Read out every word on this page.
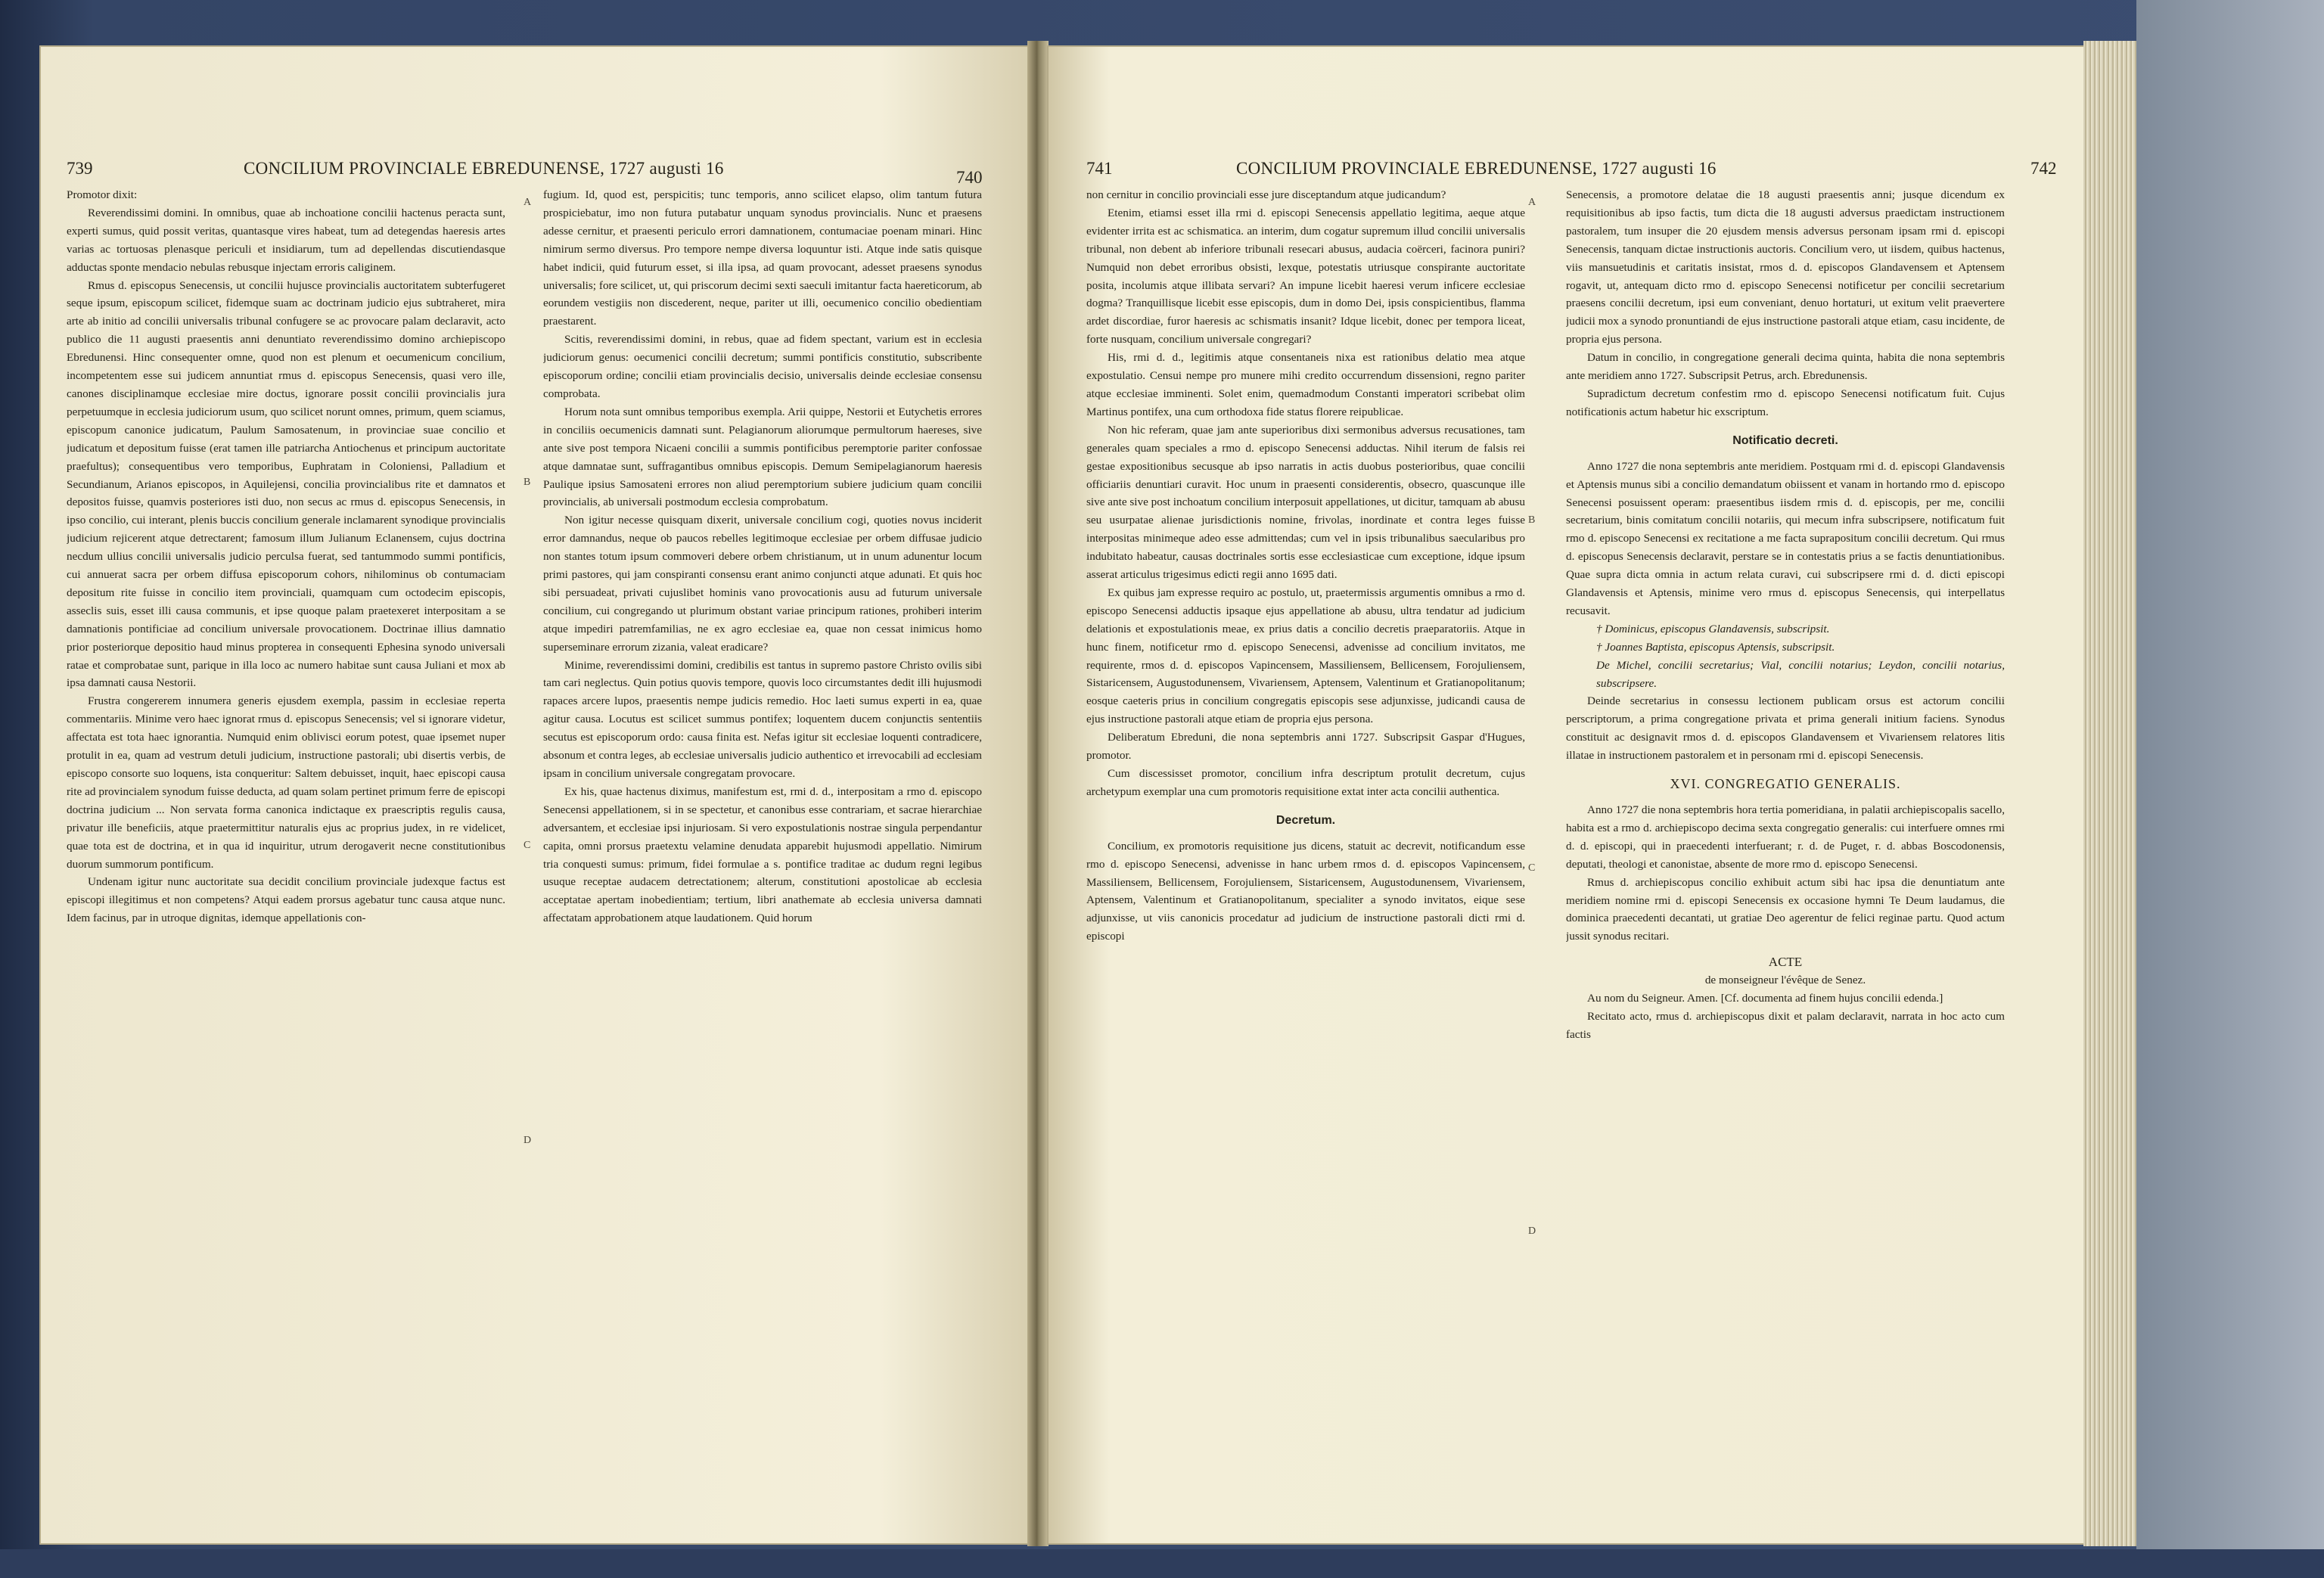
739	CONCILIUM PROVINCIALE EBREDUNENSE, 1727 augusti 16	740

Promotor dixit:

Reverendissimi domini. In omnibus, quae ab inchoatione concilii hactenus peracta sunt, experti sumus, quid possit veritas, quantasque vires habeat, tum ad detegendas haeresis artes varias ac tortuosas plenasque periculi et insidiarum, tum ad depellendas discutiendasque adductas sponte mendacio nebulas rebusque injectam erroris caliginem.

Rmus d. episcopus Senecensis, ut concilii hujusce provincialis auctoritatem subterfugeret seque ipsum, episcopum scilicet, fidemque suam ac doctrinam judicio ejus subtraheret, mira arte ab initio ad concilii universalis tribunal confugere se ac provocare palam declaravit, acto publico die 11 augusti praesentis anni denuntiato reverendissimo domino archiepiscopo Ebredunensi. Hinc consequenter omne, quod non est plenum et oecumenicum concilium, incompetentem esse sui judicem annuntiat rmus d. episcopus Senecensis, quasi vero ille, canones disciplinamque ecclesiae mire doctus, ignorare possit concilii provincialis jura perpetuumque in ecclesia judiciorum usum, quo scilicet norunt omnes, primum, quem sciamus, episcopum canonice judicatum, Paulum Samosatenum, in provinciae suae concilio et judicatum et depositum fuisse (erat tamen ille patriarcha Antiochenus et principum auctoritate praefultus); consequentibus vero temporibus, Euphratam in Coloniensi, Palladium et Secundianum, Arianos episcopos, in Aquilejensi, concilia provincialibus rite et damnatos et depositos fuisse, quamvis posteriores isti duo, non secus ac rmus d. episcopus Senecensis, in ipso concilio, cui interant, plenis buccis concilium generale inclamarent synodique provincialis judicium rejicerent atque detrectarent; famosum illum Julianum Eclanensem, cujus doctrina necdum ullius concilii universalis judicio perculsa fuerat, sed tantummodo summi pontificis, cui annuerat sacra per orbem diffusa episcoporum cohors, nihilominus ob contumaciam depositum rite fuisse in concilio item provinciali, quamquam cum octodecim episcopis, asseclis suis, esset illi causa communis, et ipse quoque palam praetexeret interpositam a se damnationis pontificiae ad concilium universale provocationem. Doctrinae illius damnatio prior posteriorque depositio haud minus propterea in consequenti Ephesina synodo universali ratae et comprobatae sunt, parique in illa loco ac numero habitae sunt causa Juliani et mox ab ipsa damnati causa Nestorii.

Frustra congererem innumera generis ejusdem exempla, passim in ecclesiae reperta commentariis. Minime vero haec ignorat rmus d. episcopus Senecensis; vel si ignorare videtur, affectata est tota haec ignorantia. Numquid enim oblivisci eorum potest, quae ipsemet nuper protulit in ea, quam ad vestrum detuli judicium, instructione pastorali; ubi disertis verbis, de episcopo consorte suo loquens, ista conqueritur: Saltem debuisset, inquit, haec episcopi causa rite ad provincialem synodum fuisse deducta, ad quam solam pertinet primum ferre de episcopi doctrina judicium ... Non servata forma canonica indictaque ex praescriptis regulis causa, privatur ille beneficiis, atque praetermittitur naturalis ejus ac proprius judex, in re videlicet, quae tota est de doctrina, et in qua id inquiritur, utrum derogaverit necne constitutionibus duorum summorum pontificum.

Undenam igitur nunc auctoritate sua decidit concilium provinciale judexque factus est episcopi illegitimus et non competens? Atqui eadem prorsus agebatur tunc causa atque nunc. Idem facinus, par in utroque dignitas, idemque appellationis con-

A
B
C
D

fugium. Id, quod est, perspicitis; tunc temporis, anno scilicet elapso, olim tantum futura prospiciebatur, imo non futura putabatur unquam synodus provincialis. Nunc et praesens adesse cernitur, et praesenti periculo errori damnationem, contumaciae poenam minari. Hinc nimirum sermo diversus. Pro tempore nempe diversa loquuntur isti. Atque inde satis quisque habet indicii, quid futurum esset, si illa ipsa, ad quam provocant, adesset praesens synodus universalis; fore scilicet, ut, qui priscorum decimi sexti saeculi imitantur facta haereticorum, ab eorundem vestigiis non discederent, neque, pariter ut illi, oecumenico concilio obedientiam praestarent.

Scitis, reverendissimi domini, in rebus, quae ad fidem spectant, varium est in ecclesia judiciorum genus: oecumenici concilii decretum; summi pontificis constitutio, subscribente episcoporum ordine; concilii etiam provincialis decisio, universalis deinde ecclesiae consensu comprobata.

Horum nota sunt omnibus temporibus exempla. Arii quippe, Nestorii et Eutychetis errores in conciliis oecumenicis damnati sunt. Pelagianorum aliorumque permultorum haereses, sive ante sive post tempora Nicaeni concilii a summis pontificibus peremptorie pariter confossae atque damnatae sunt, suffragantibus omnibus episcopis. Demum Semipelagianorum haeresis Paulique ipsius Samosateni errores non aliud peremptorium subiere judicium quam concilii provincialis, ab universali postmodum ecclesia comprobatum.

Non igitur necesse quisquam dixerit, universale concilium cogi, quoties novus inciderit error damnandus, neque ob paucos rebelles legitimoque ecclesiae per orbem diffusae judicio non stantes totum ipsum commoveri debere orbem christianum, ut in unum adunentur locum primi pastores, qui jam conspiranti consensu erant animo conjuncti atque adunati. Et quis hoc sibi persuadeat, privati cujuslibet hominis vano provocationis ausu ad futurum universale concilium, cui congregando ut plurimum obstant variae principum rationes, prohiberi interim atque impediri patremfamilias, ne ex agro ecclesiae ea, quae non cessat inimicus homo superseminare errorum zizania, valeat eradicare?

Minime, reverendissimi domini, credibilis est tantus in supremo pastore Christo ovilis sibi tam cari neglectus. Quin potius quovis tempore, quovis loco circumstantes dedit illi hujusmodi rapaces arcere lupos, praesentis nempe judicis remedio. Hoc laeti sumus experti in ea, quae agitur causa. Locutus est scilicet summus pontifex; loquentem ducem conjunctis sententiis secutus est episcoporum ordo: causa finita est. Nefas igitur sit ecclesiae loquenti contradicere, absonum et contra leges, ab ecclesiae universalis judicio authentico et irrevocabili ad ecclesiam ipsam in concilium universale congregatam provocare.

Ex his, quae hactenus diximus, manifestum est, rmi d. d., interpositam a rmo d. episcopo Senecensi appellationem, si in se spectetur, et canonibus esse contrariam, et sacrae hierarchiae adversantem, et ecclesiae ipsi injuriosam. Si vero expostulationis nostrae singula perpendantur capita, omni prorsus praetextu velamine denudata apparebit hujusmodi appellatio. Nimirum tria conquesti sumus: primum, fidei formulae a s. pontifice traditae ac dudum regni legibus usuque receptae audacem detrectationem; alterum, constitutioni apostolicae ab ecclesia acceptatae apertam inobedientiam; tertium, libri anathemate ab ecclesia universa damnati affectatam approbationem atque laudationem. Quid horum

741	CONCILIUM PROVINCIALE EBREDUNENSE, 1727 augusti 16	742

non cernitur in concilio provinciali esse jure disceptandum atque judicandum?

Etenim, etiamsi esset illa rmi d. episcopi Senecensis appellatio legitima, aeque atque evidenter irrita est ac schismatica. an interim, dum cogatur supremum illud concilii universalis tribunal, non debent ab inferiore tribunali resecari abusus, audacia coërceri, facinora puniri? Numquid non debet erroribus obsisti, lexque, potestatis utriusque conspirante auctoritate posita, incolumis atque illibata servari? An impune licebit haeresi verum inficere ecclesiae dogma? Tranquillisque licebit esse episcopis, dum in domo Dei, ipsis conspicientibus, flamma ardet discordiae, furor haeresis ac schismatis insanit? Idque licebit, donec per tempora liceat, forte nusquam, concilium universale congregari?

His, rmi d. d., legitimis atque consentaneis nixa est rationibus delatio mea atque expostulatio. Censui nempe pro munere mihi credito occurrendum dissensioni, regno pariter atque ecclesiae imminenti. Solet enim, quemadmodum Constanti imperatori scribebat olim Martinus pontifex, una cum orthodoxa fide status florere reipublicae.

Non hic referam, quae jam ante superioribus dixi sermonibus adversus recusationes, tam generales quam speciales a rmo d. episcopo Senecensi adductas. Nihil iterum de falsis rei gestae expositionibus secusque ab ipso narratis in actis duobus posterioribus, quae concilii officiariis denuntiari curavit. Hoc unum in praesenti considerentis, obsecro, quascunque ille sive ante sive post inchoatum concilium interposuit appellationes, ut dicitur, tamquam ab abusu seu usurpatae alienae jurisdictionis nomine, frivolas, inordinate et contra leges fuisse interpositas minimeque adeo esse admittendas; cum vel in ipsis tribunalibus saecularibus pro indubitato habeatur, causas doctrinales sortis esse ecclesiasticae cum exceptione, idque ipsum asserat articulus trigesimus edicti regii anno 1695 dati.

Ex quibus jam expresse requiro ac postulo, ut, praetermissis argumentis omnibus a rmo d. episcopo Senecensi adductis ipsaque ejus appellatione ab abusu, ultra tendatur ad judicium delationis et expostulationis meae, ex prius datis a concilio decretis praeparatoriis. Atque in hunc finem, notificetur rmo d. episcopo Senecensi, advenisse ad concilium invitatos, me requirente, rmos d. d. episcopos Vapincensem, Massiliensem, Bellicensem, Forojuliensem, Sistaricensem, Augustodunensem, Vivariensem, Aptensem, Valentinum et Gratianopolitanum; eosque caeteris prius in concilium congregatis episcopis sese adjunxisse, judicandi causa de ejus instructione pastorali atque etiam de propria ejus persona.

Deliberatum Ebreduni, die nona septembris anni 1727. Subscripsit Gaspar d'Hugues, promotor.

Cum discessisset promotor, concilium infra descriptum protulit decretum, cujus archetypum exemplar una cum promotoris requisitione extat inter acta concilii authentica.

Decretum.

Concilium, ex promotoris requisitione jus dicens, statuit ac decrevit, notificandum esse rmo d. episcopo Senecensi, advenisse in hanc urbem rmos d. d. episcopos Vapincensem, Massiliensem, Bellicensem, Forojuliensem, Sistaricensem, Augustodunensem, Vivariensem, Aptensem, Valentinum et Gratianopolitanum, specialiter a synodo invitatos, eique sese adjunxisse, ut viis canonicis procedatur ad judicium de instructione pastorali dicti rmi d. episcopi

A
B
C
D

Senecensis, a promotore delatae die 18 augusti praesentis anni; jusque dicendum ex requisitionibus ab ipso factis, tum dicta die 18 augusti adversus praedictam instructionem pastoralem, tum insuper die 20 ejusdem mensis adversus personam ipsam rmi d. episcopi Senecensis, tanquam dictae instructionis auctoris. Concilium vero, ut iisdem, quibus hactenus, viis mansuetudinis et caritatis insistat, rmos d. d. episcopos Glandavensem et Aptensem rogavit, ut, antequam dicto rmo d. episcopo Senecensi notificetur per concilii secretarium praesens concilii decretum, ipsi eum conveniant, denuo hortaturi, ut exitum velit praevertere judicii mox a synodo pronuntiandi de ejus instructione pastorali atque etiam, casu incidente, de propria ejus persona.

Datum in concilio, in congregatione generali decima quinta, habita die nona septembris ante meridiem anno 1727. Subscripsit Petrus, arch. Ebredunensis.

Supradictum decretum confestim rmo d. episcopo Senecensi notificatum fuit. Cujus notificationis actum habetur hic exscriptum.

Notificatio decreti.

Anno 1727 die nona septembris ante meridiem. Postquam rmi d. d. episcopi Glandavensis et Aptensis munus sibi a concilio demandatum obiissent et vanam in hortando rmo d. episcopo Senecensi posuissent operam: praesentibus iisdem rmis d. d. episcopis, per me, concilii secretarium, binis comitatum concilii notariis, qui mecum infra subscripsere, notificatum fuit rmo d. episcopo Senecensi ex recitatione a me facta suprapositum concilii decretum. Qui rmus d. episcopus Senecensis declaravit, perstare se in contestatis prius a se factis denuntiationibus. Quae supra dicta omnia in actum relata curavi, cui subscripsere rmi d. d. dicti episcopi Glandavensis et Aptensis, minime vero rmus d. episcopus Senecensis, qui interpellatus recusavit.

† Dominicus, episcopus Glandavensis, subscripsit.

† Joannes Baptista, episcopus Aptensis, subscripsit.

De Michel, concilii secretarius; Vial, concilii notarius; Leydon, concilii notarius, subscripsere.

Deinde secretarius in consessu lectionem publicam orsus est actorum concilii perscriptorum, a prima congregatione privata et prima generali initium faciens. Synodus constituit ac designavit rmos d. d. episcopos Glandavensem et Vivariensem relatores litis illatae in instructionem pastoralem et in personam rmi d. episcopi Senecensis.

XVI. CONGREGATIO GENERALIS.

Anno 1727 die nona septembris hora tertia pomeridiana, in palatii archiepiscopalis sacello, habita est a rmo d. archiepiscopo decima sexta congregatio generalis: cui interfuere omnes rmi d. d. episcopi, qui in praecedenti interfuerant; r. d. de Puget, r. d. abbas Boscodonensis, deputati, theologi et canonistae, absente de more rmo d. episcopo Senecensi.

Rmus d. archiepiscopus concilio exhibuit actum sibi hac ipsa die denuntiatum ante meridiem nomine rmi d. episcopi Senecensis ex occasione hymni Te Deum laudamus, die dominica praecedenti decantati, ut gratiae Deo agerentur de felici reginae partu. Quod actum jussit synodus recitari.

ACTE

de monseigneur l'évêque de Senez.

Au nom du Seigneur. Amen. [Cf. documenta ad finem hujus concilii edenda.]

Recitato acto, rmus d. archiepiscopus dixit et palam declaravit, narrata in hoc acto cum factis
